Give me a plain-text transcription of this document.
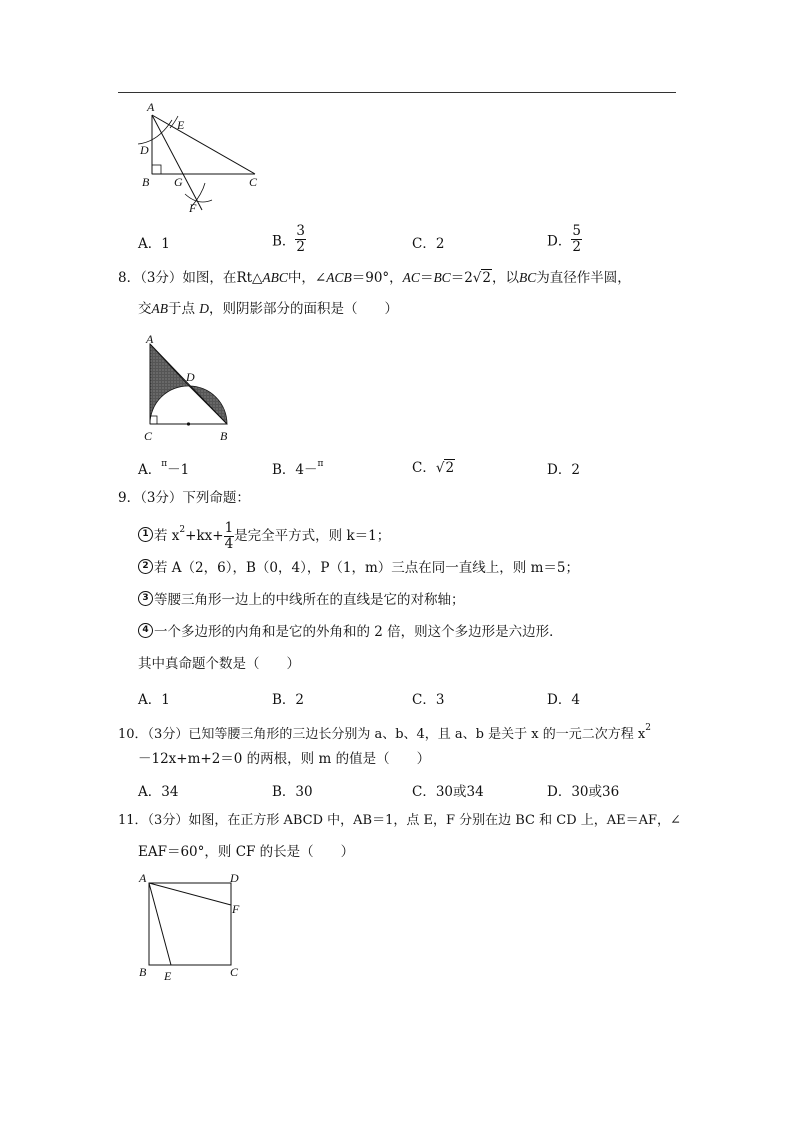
A
E
D
B G	C
F
A．1	B． $\frac{3}{2}$	C．2	D． $\frac{5}{2}$
8．（3分）如图，在Rt△ABC中，∠ACB＝90°，AC＝BC＝2√2，以BC为直径作半圆，
交AB于点 D，则阴影部分的面积是（　　）
A
D
C	B
A．$^\pi$－1	B．4－$^\pi$	C．√2	D．2
9．（3分）下列命题：
1 若 $x^2+kx+ \frac{1}{4}$ 是完全平方式，则 k＝1；
2 若 A（2，6），B（0，4），P（1，m）三点在同一直线上，则 m＝5；
3 等腰三角形一边上的中线所在的直线是它的对称轴；
4 一个多边形的内角和是它的外角和的 2 倍，则这个多边形是六边形．
其中真命题个数是（　　）
A．1	B．2	C．3	D．4
10．（3分）已知等腰三角形的三边长分别为 a、b、4，且 a、b 是关于 x 的一元二次方程 $x^2$
－12x+m+2＝0 的两根，则 m 的值是（　　）
A．34	B．30	C．30或34	D．30或36
11．（3分）如图，在正方形 ABCD 中，AB＝1，点 E，F 分别在边 BC 和 CD 上，AE＝AF，∠
EAF＝60°，则 CF 的长是（　　）
A	D
F
B E	C
